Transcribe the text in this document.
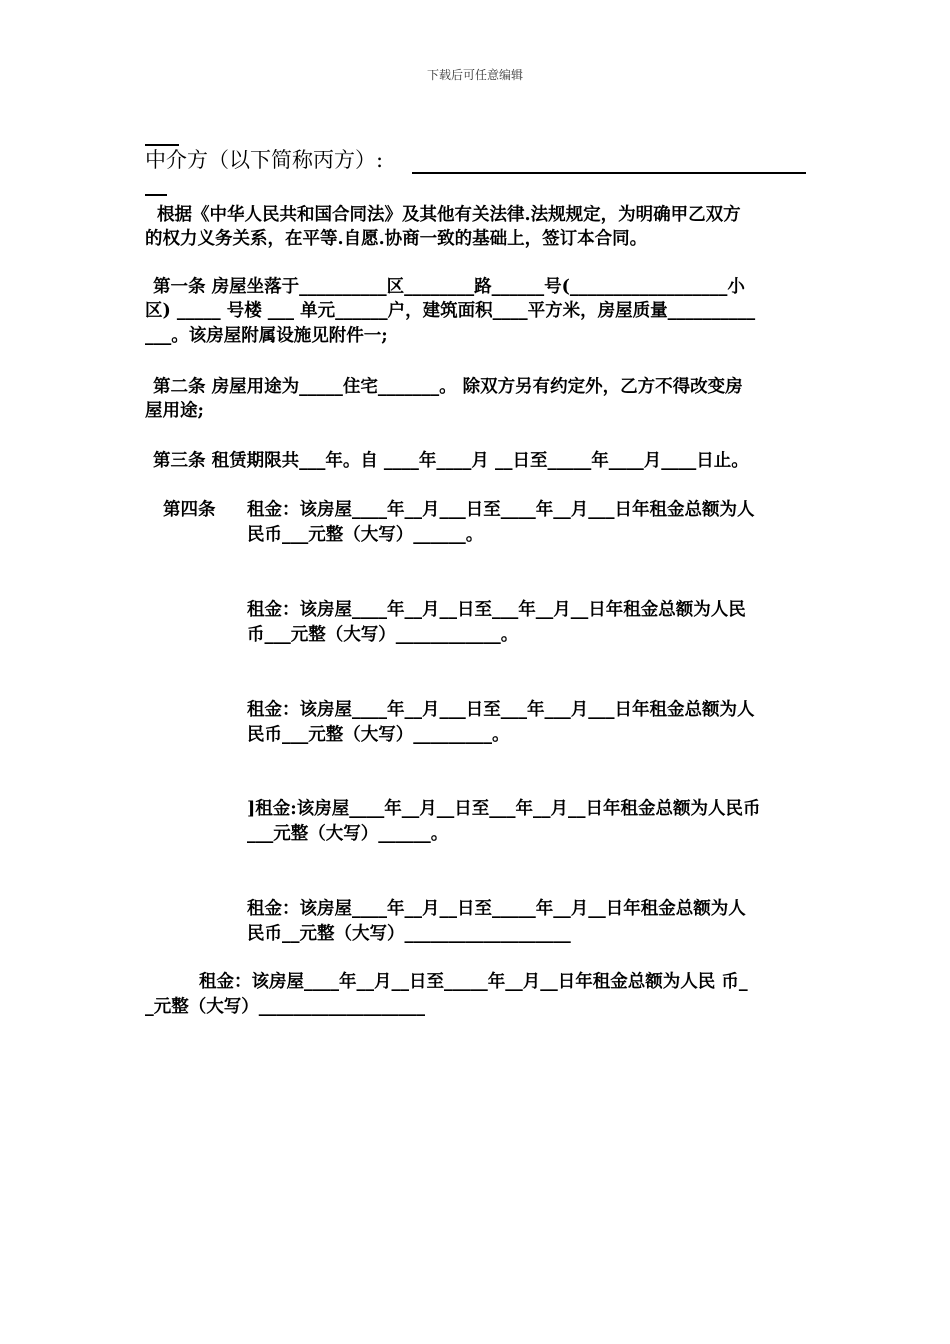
下载后可任意编辑
中介方（以下简称丙方）:
根据《中华人民共和国合同法》及其他有关法律.法规规定，为明确甲乙双方
的权力义务关系，在平等.自愿.协商一致的基础上，签订本合同。
第一条 房屋坐落于__________区________路______号(__________________小
区) _____ 号楼 ___ 单元______户，建筑面积____平方米，房屋质量__________
___。该房屋附属设施见附件一;
第二条 房屋用途为_____住宅_______。 除双方另有约定外，乙方不得改变房
屋用途;
第三条 租赁期限共___年。自 ____年____月 __日至_____年____月____日止。
第四条 租金：该房屋____年__月___日至____年__月___日年租金总额为人
民币___元整（大写）______。
租金：该房屋____年__月__日至___年__月__日年租金总额为人民
币___元整（大写）____________。
租金：该房屋____年__月___日至___年___月___日年租金总额为人
民币___元整（大写）_________。
]租金:该房屋____年__月__日至___年__月__日年租金总额为人民币
___元整（大写）______。
租金：该房屋____年__月__日至_____年__月__日年租金总额为人
民币__元整（大写）___________________
租金：该房屋____年__月__日至_____年__月__日年租金总额为人民 币_
_元整（大写）___________________
